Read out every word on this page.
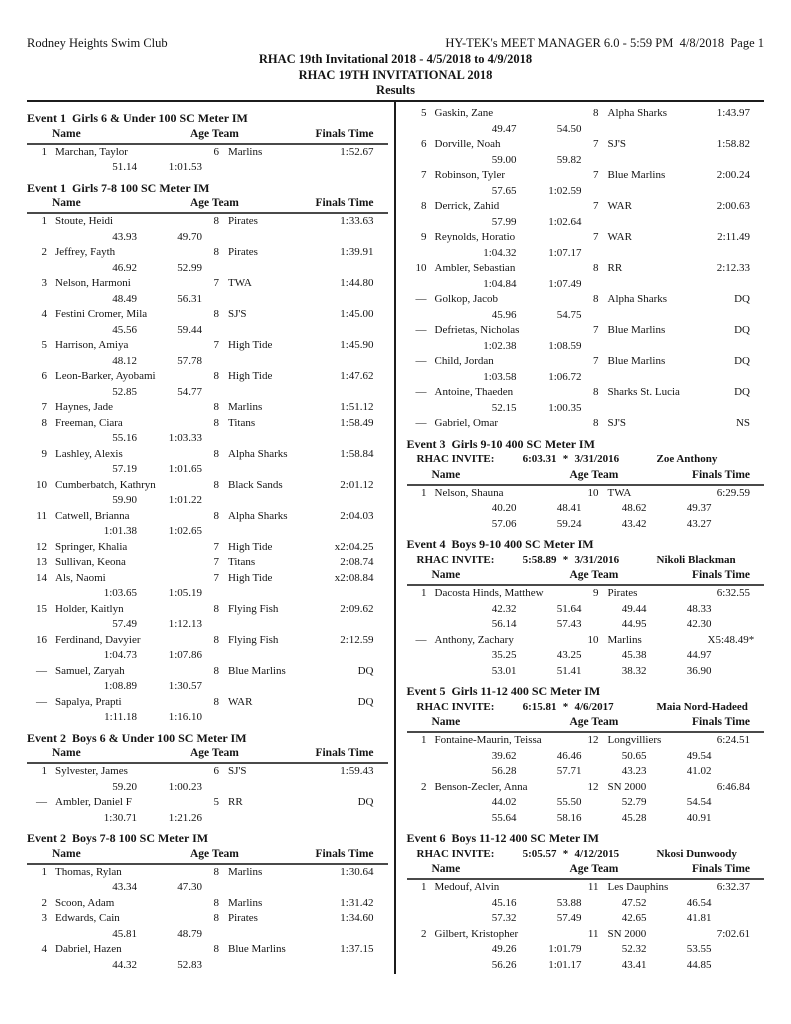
Rodney Heights Swim Club	HY-TEK's MEET MANAGER 6.0 - 5:59 PM  4/8/2018  Page 1
RHAC 19th Invitational 2018 - 4/5/2018 to 4/9/2018
RHAC 19TH INVITATIONAL 2018
Results
Event 1  Girls 6 & Under 100 SC Meter IM
Name	Age Team	Finals Time
1 Marchan, Taylor	6 Marlins	1:52.67
51.14	1:01.53
Event 1  Girls 7-8 100 SC Meter IM
Name	Age Team	Finals Time
1 Stoute, Heidi	8 Pirates	1:33.63
43.93	49.70
2 Jeffrey, Fayth	8 Pirates	1:39.91
46.92	52.99
3 Nelson, Harmoni	7 TWA	1:44.80
48.49	56.31
4 Festini Cromer, Mila	8 SJ'S	1:45.00
45.56	59.44
5 Harrison, Amiya	7 High Tide	1:45.90
48.12	57.78
6 Leon-Barker, Ayobami	8 High Tide	1:47.62
52.85	54.77
7 Haynes, Jade	8 Marlins	1:51.12
8 Freeman, Ciara	8 Titans	1:58.49
55.16	1:03.33
9 Lashley, Alexis	8 Alpha Sharks	1:58.84
57.19	1:01.65
10 Cumberbatch, Kathryn	8 Black Sands	2:01.12
59.90	1:01.22
11 Catwell, Brianna	8 Alpha Sharks	2:04.03
1:01.38	1:02.65
12 Springer, Khalia	7 High Tide	x2:04.25
13 Sullivan, Keona	7 Titans	2:08.74
14 Als, Naomi	7 High Tide	x2:08.84
1:03.65	1:05.19
15 Holder, Kaitlyn	8 Flying Fish	2:09.62
57.49	1:12.13
16 Ferdinand, Davyier	8 Flying Fish	2:12.59
1:04.73	1:07.86
— Samuel, Zaryah	8 Blue Marlins	DQ
1:08.89	1:30.57
— Sapalya, Prapti	8 WAR	DQ
1:11.18	1:16.10
Event 2  Boys 6 & Under 100 SC Meter IM
Name	Age Team	Finals Time
1 Sylvester, James	6 SJ'S	1:59.43
59.20	1:00.23
— Ambler, Daniel F	5 RR	DQ
1:30.71	1:21.26
Event 2  Boys 7-8 100 SC Meter IM
Name	Age Team	Finals Time
1 Thomas, Rylan	8 Marlins	1:30.64
43.34	47.30
2 Scoon, Adam	8 Marlins	1:31.42
3 Edwards, Cain	8 Pirates	1:34.60
45.81	48.79
4 Dabriel, Hazen	8 Blue Marlins	1:37.15
44.32	52.83
5 Gaskin, Zane	8 Alpha Sharks	1:43.97
49.47	54.50
6 Dorville, Noah	7 SJ'S	1:58.82
59.00	59.82
7 Robinson, Tyler	7 Blue Marlins	2:00.24
57.65	1:02.59
8 Derrick, Zahid	7 WAR	2:00.63
57.99	1:02.64
9 Reynolds, Horatio	7 WAR	2:11.49
1:04.32	1:07.17
10 Ambler, Sebastian	8 RR	2:12.33
1:04.84	1:07.49
— Golkop, Jacob	8 Alpha Sharks	DQ
45.96	54.75
— Defrietas, Nicholas	7 Blue Marlins	DQ
1:02.38	1:08.59
— Child, Jordan	7 Blue Marlins	DQ
1:03.58	1:06.72
— Antoine, Thaeden	8 Sharks St. Lucia	DQ
52.15	1:00.35
— Gabriel, Omar	8 SJ'S	NS
Event 3  Girls 9-10 400 SC Meter IM
RHAC INVITE:	6:03.31 * 3/31/2016	Zoe Anthony
Name	Age Team	Finals Time
1 Nelson, Shauna	10 TWA	6:29.59
40.20	48.41	48.62	49.37
57.06	59.24	43.42	43.27
Event 4  Boys 9-10 400 SC Meter IM
RHAC INVITE:	5:58.89 * 3/31/2016	Nikoli Blackman
Name	Age Team	Finals Time
1 Dacosta Hinds, Matthew	9 Pirates	6:32.55
42.32	51.64	49.44	48.33
56.14	57.43	44.95	42.30
— Anthony, Zachary	10 Marlins	X5:48.49*
35.25	43.25	45.38	44.97
53.01	51.41	38.32	36.90
Event 5  Girls 11-12 400 SC Meter IM
RHAC INVITE:	6:15.81 * 4/6/2017	Maia Nord-Hadeed
Name	Age Team	Finals Time
1 Fontaine-Maurin, Teissa	12 Longvilliers	6:24.51
39.62	46.46	50.65	49.54
56.28	57.71	43.23	41.02
2 Benson-Zecler, Anna	12 SN 2000	6:46.84
44.02	55.50	52.79	54.54
55.64	58.16	45.28	40.91
Event 6  Boys 11-12 400 SC Meter IM
RHAC INVITE:	5:05.57 * 4/12/2015	Nkosi Dunwoody
Name	Age Team	Finals Time
1 Medouf, Alvin	11 Les Dauphins	6:32.37
45.16	53.88	47.52	46.54
57.32	57.49	42.65	41.81
2 Gilbert, Kristopher	11 SN 2000	7:02.61
49.26	1:01.79	52.32	53.55
56.26	1:01.17	43.41	44.85
